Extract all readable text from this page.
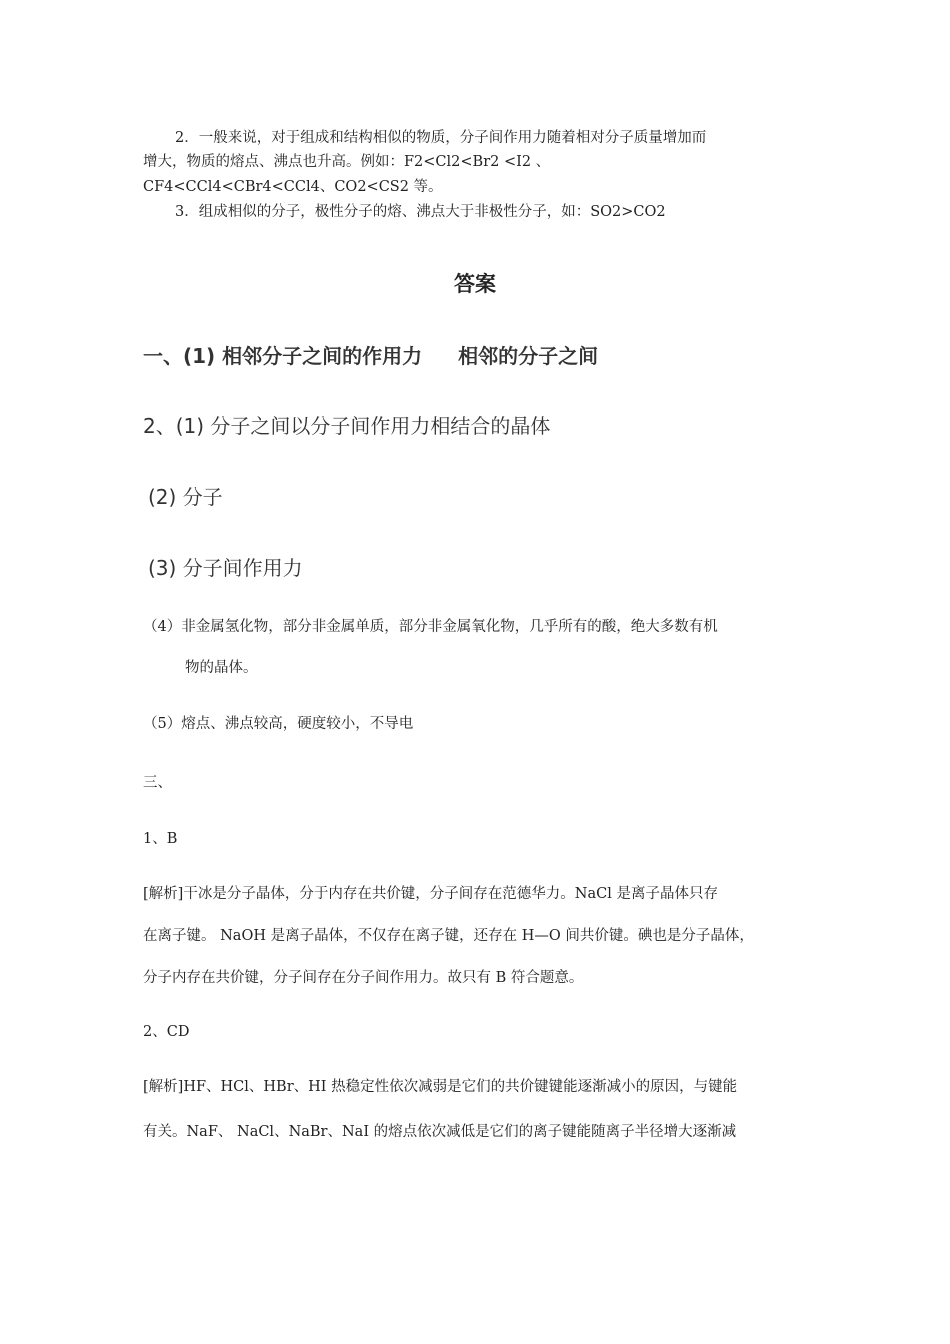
2．一般来说，对于组成和结构相似的物质，分子间作用力随着相对分子质量增加而
增大，物质的熔点、沸点也升高。例如：F2<Cl2<Br2 <I2 、
CF4<CCl4<CBr4<CCl4、CO2<CS2 等。
3．组成相似的分子，极性分子的熔、沸点大于非极性分子，如：SO2>CO2
答案
一、(1) 相邻分子之间的作用力 相邻的分子之间
2、(1) 分子之间以分子间作用力相结合的晶体
(2) 分子
(3) 分子间作用力
（4）非金属氢化物，部分非金属单质，部分非金属氧化物，几乎所有的酸，绝大多数有机
物的晶体。
（5）熔点、沸点较高，硬度较小，不导电
三、
1、B
[解析]干冰是分子晶体，分于内存在共价键，分子间存在范德华力。NaCl 是离子晶体只存
在离子键。 NaOH 是离子晶体，不仅存在离子键，还存在 H—O 间共价键。碘也是分子晶体，
分子内存在共价键，分子间存在分子间作用力。故只有 B 符合题意。
2、CD
[解析]HF、HCl、HBr、HI 热稳定性依次减弱是它们的共价键键能逐渐减小的原因，与键能
有关。NaF、 NaCl、NaBr、NaI 的熔点依次减低是它们的离子键能随离子半径增大逐渐减
